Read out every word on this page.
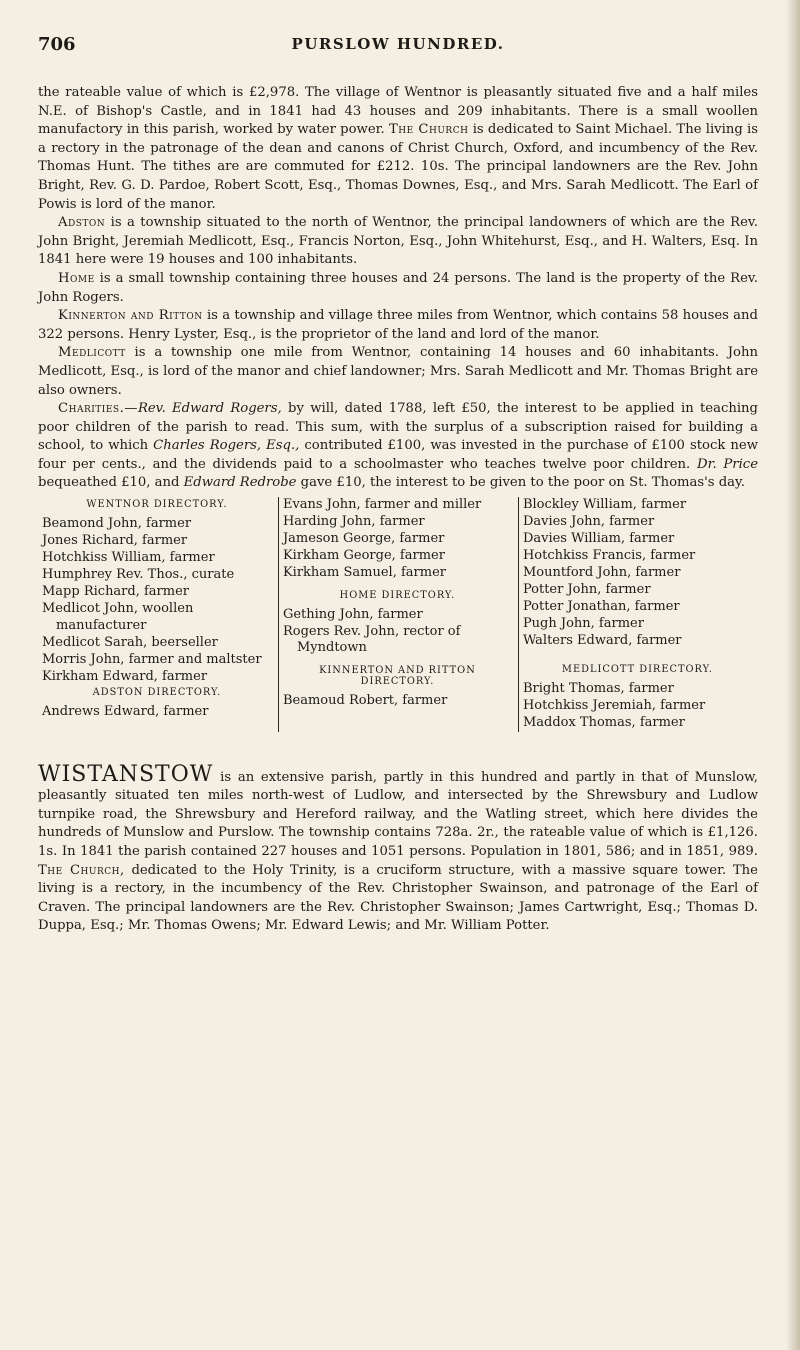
706	PURSLOW HUNDRED.

the rateable value of which is £2,978. The village of Wentnor is pleasantly situated five and a half miles N.E. of Bishop's Castle, and in 1841 had 43 houses and 209 inhabitants. There is a small woollen manufactory in this parish, worked by water power. The Church is dedicated to Saint Michael. The living is a rectory in the patronage of the dean and canons of Christ Church, Oxford, and incumbency of the Rev. Thomas Hunt. The tithes are are commuted for £212. 10s. The principal landowners are the Rev. John Bright, Rev. G. D. Pardoe, Robert Scott, Esq., Thomas Downes, Esq., and Mrs. Sarah Medlicott. The Earl of Powis is lord of the manor.

Adston is a township situated to the north of Wentnor, the principal landowners of which are the Rev. John Bright, Jeremiah Medlicott, Esq., Francis Norton, Esq., John Whitehurst, Esq., and H. Walters, Esq. In 1841 here were 19 houses and 100 inhabitants.

Home is a small township containing three houses and 24 persons. The land is the property of the Rev. John Rogers.

Kinnerton and Ritton is a township and village three miles from Wentnor, which contains 58 houses and 322 persons. Henry Lyster, Esq., is the proprietor of the land and lord of the manor.

Medlicott is a township one mile from Wentnor, containing 14 houses and 60 inhabitants. John Medlicott, Esq., is lord of the manor and chief landowner; Mrs. Sarah Medlicott and Mr. Thomas Bright are also owners.

Charities.—Rev. Edward Rogers, by will, dated 1788, left £50, the interest to be applied in teaching poor children of the parish to read. This sum, with the surplus of a subscription raised for building a school, to which Charles Rogers, Esq., contributed £100, was invested in the purchase of £100 stock new four per cents., and the dividends paid to a schoolmaster who teaches twelve poor children. Dr. Price bequeathed £10, and Edward Redrobe gave £10, the interest to be given to the poor on St. Thomas's day.

WENTNOR DIRECTORY.
Beamond John, farmer
Jones Richard, farmer
Hotchkiss William, farmer
Humphrey Rev. Thos., curate
Mapp Richard, farmer
Medlicot John, woollen manufacturer
Medlicot Sarah, beerseller
Morris John, farmer and maltster
Kirkham Edward, farmer
ADSTON DIRECTORY.
Andrews Edward, farmer
Evans John, farmer and miller
Harding John, farmer
Jameson George, farmer
Kirkham George, farmer
Kirkham Samuel, farmer
HOME DIRECTORY.
Gething John, farmer
Rogers Rev. John, rector of Myndtown
KINNERTON AND RITTON DIRECTORY.
Beamoud Robert, farmer
Blockley William, farmer
Davies John, farmer
Davies William, farmer
Hotchkiss Francis, farmer
Mountford John, farmer
Potter John, farmer
Potter Jonathan, farmer
Pugh John, farmer
Walters Edward, farmer
MEDLICOTT DIRECTORY.
Bright Thomas, farmer
Hotchkiss Jeremiah, farmer
Maddox Thomas, farmer

WISTANSTOW is an extensive parish, partly in this hundred and partly in that of Munslow, pleasantly situated ten miles north-west of Ludlow, and intersected by the Shrewsbury and Ludlow turnpike road, the Shrewsbury and Hereford railway, and the Watling street, which here divides the hundreds of Munslow and Purslow. The township contains 728a. 2r., the rateable value of which is £1,126. 1s. In 1841 the parish contained 227 houses and 1051 persons. Population in 1801, 586; and in 1851, 989. The Church, dedicated to the Holy Trinity, is a cruciform structure, with a massive square tower. The living is a rectory, in the incumbency of the Rev. Christopher Swainson, and patronage of the Earl of Craven. The principal landowners are the Rev. Christopher Swainson; James Cartwright, Esq.; Thomas D. Duppa, Esq.; Mr. Thomas Owens; Mr. Edward Lewis; and Mr. William Potter.
